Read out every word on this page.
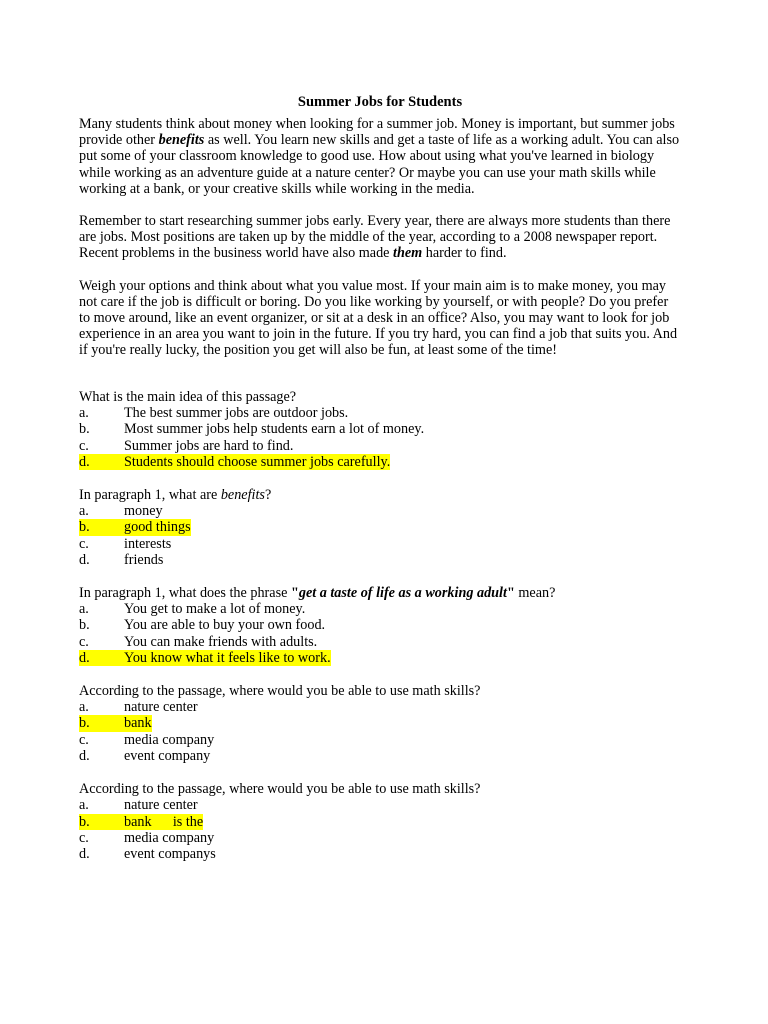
Summer Jobs for Students

Many students think about money when looking for a summer job. Money is important, but summer jobs provide other benefits as well. You learn new skills and get a taste of life as a working adult. You can also put some of your classroom knowledge to good use. How about using what you've learned in biology while working as an adventure guide at a nature center? Or maybe you can use your math skills while working at a bank, or your creative skills while working in the media.

Remember to start researching summer jobs early. Every year, there are always more students than there are jobs. Most positions are taken up by the middle of the year, according to a 2008 newspaper report. Recent problems in the business world have also made them harder to find.

Weigh your options and think about what you value most. If your main aim is to make money, you may not care if the job is difficult or boring. Do you like working by yourself, or with people? Do you prefer to move around, like an event organizer, or sit at a desk in an office? Also, you may want to look for job experience in an area you want to join in the future. If you try hard, you can find a job that suits you. And if you're really lucky, the position you get will also be fun, at least some of the time!

What is the main idea of this passage?
a. The best summer jobs are outdoor jobs.
b. Most summer jobs help students earn a lot of money.
c. Summer jobs are hard to find.
d. Students should choose summer jobs carefully.
In paragraph 1, what are benefits?
a. money
b. good things
c. interests
d. friends
In paragraph 1, what does the phrase "get a taste of life as a working adult" mean?
a. You get to make a lot of money.
b. You are able to buy your own food.
c. You can make friends with adults.
d. You know what it feels like to work.
According to the passage, where would you be able to use math skills?
a. nature center
b. bank
c. media company
d. event company
According to the passage, where would you be able to use math skills?
a. nature center
b. bank      is the
c. media company
d. event companys
